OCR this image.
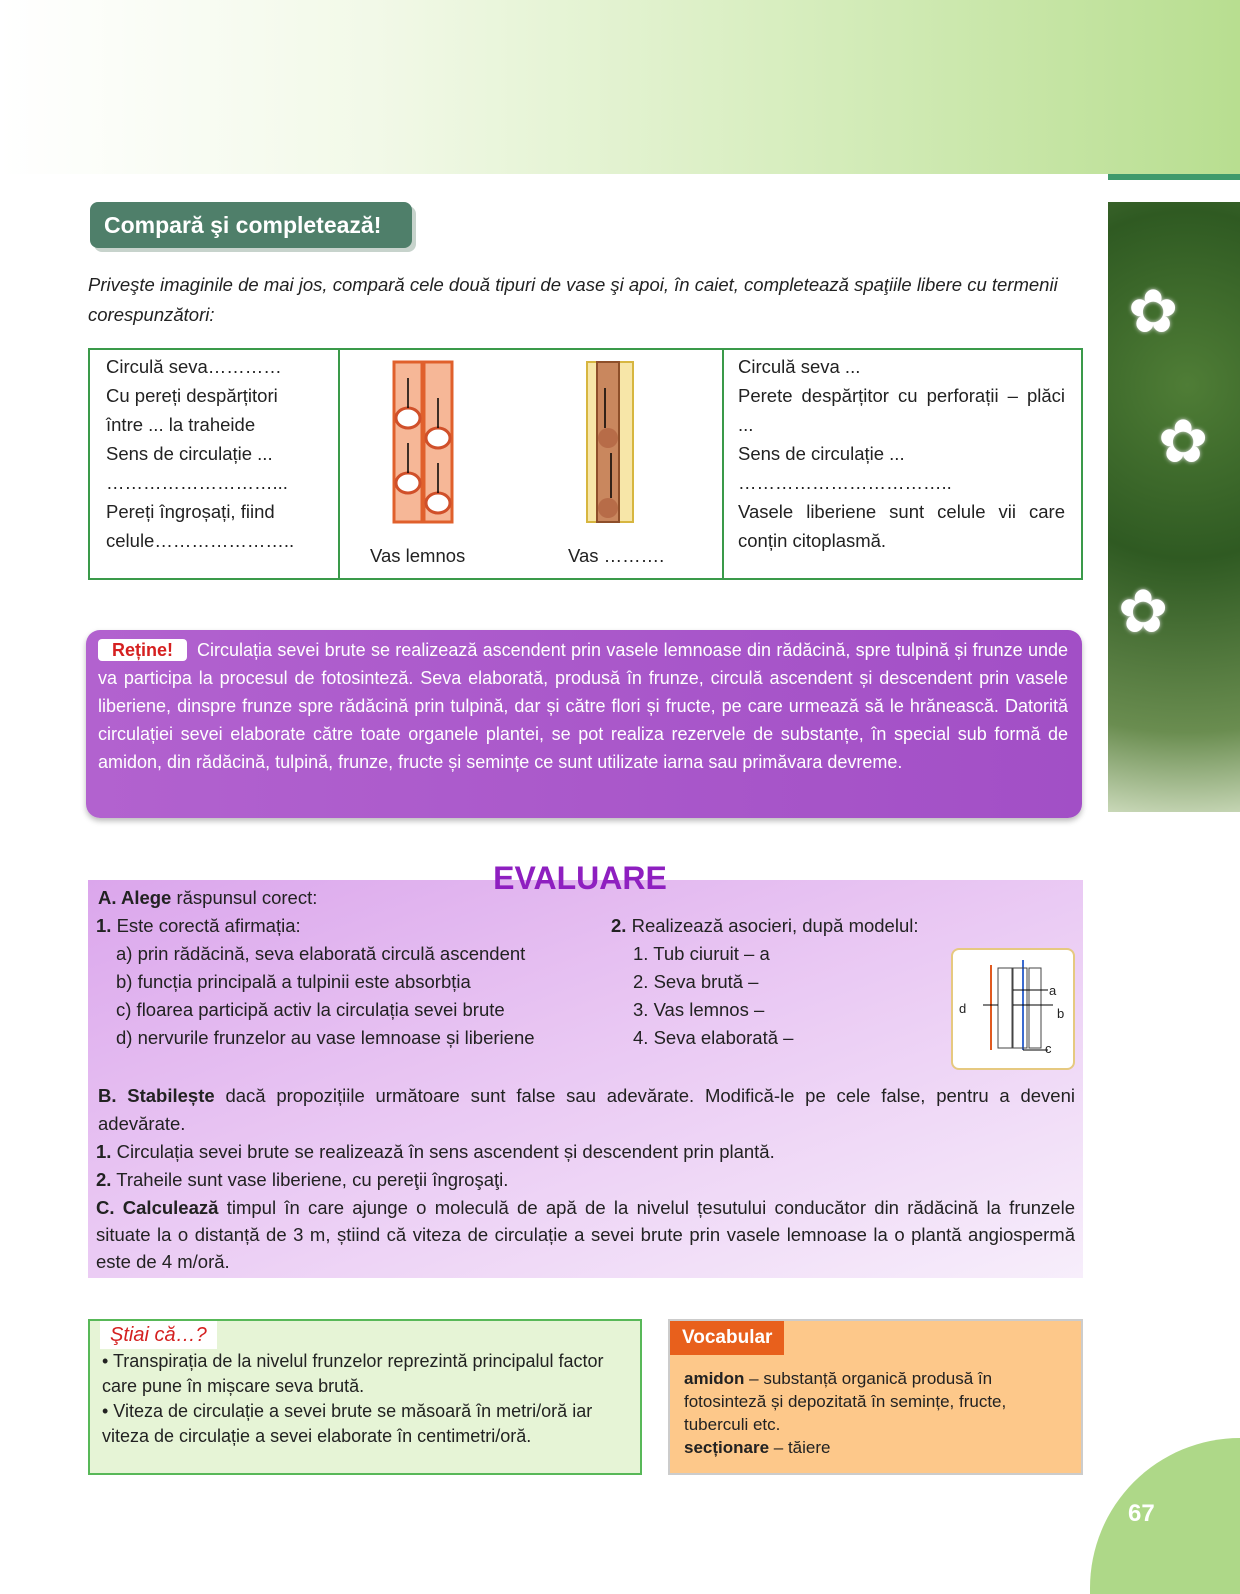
✿
✿
✿
Compară şi completează!
Priveşte imaginile de mai jos, compară cele două tipuri de vase şi apoi, în caiet, completează spaţiile libere cu termenii corespunzători:
Circulă seva…………
Cu pereți despărțitori
între ... la traheide
Sens de circulație ...
………………………...
Pereți îngroșați, fiind
celule…………………..
Vas lemnos	Vas ……….
Circulă seva ...
Perete despărțitor cu perforații – plăci ...
Sens de circulație ...
……………………………..
Vasele liberiene sunt celule vii care conțin citoplasmă.
Reține! Circulația sevei brute se realizează ascendent prin vasele lemnoase din rădăcină, spre tulpină și frunze unde va participa la procesul de fotosinteză. Seva elaborată, produsă în frunze, circulă ascendent și descendent prin vasele liberiene, dinspre frunze spre rădăcină prin tulpină, dar și către flori și fructe, pe care urmează să le hrănească. Datorită circulației sevei elaborate către toate organele plantei, se pot realiza rezervele de substanțe, în special sub formă de amidon, din rădăcină, tulpină, frunze, fructe și semințe ce sunt utilizate iarna sau primăvara devreme.
EVALUARE

A. Alege răspunsul corect:

1. Este corectă afirmația:

a) prin rădăcină, seva elaborată circulă ascendent

b) funcția principală a tulpinii este absorbția

c) floarea participă activ la circulația sevei brute

d) nervurile frunzelor au vase lemnoase și liberiene

2. Realizează asocieri, după modelul:

1. Tub ciuruit – a

2. Seva brută –

3. Vas lemnos –

4. Seva elaborată –

a
b
c
d

B. Stabilește dacă propozițiile următoare sunt false sau adevărate. Modifică-le pe cele false, pentru a deveni adevărate.

1. Circulația sevei brute se realizează în sens ascendent și descendent prin plantă.

2. Traheile sunt vase liberiene, cu pereţii îngroşaţi.

C. Calculează timpul în care ajunge o moleculă de apă de la nivelul țesutului conducător din rădăcină la frunzele situate la o distanță de 3 m, știind că viteza de circulație a sevei brute prin vasele lemnoase la o plantă angiospermă este de 4 m/oră.

Ştiai că…?
• Transpirația de la nivelul frunzelor reprezintă principalul factor care pune în mișcare seva brută.
• Viteza de circulație a sevei brute se măsoară în metri/oră iar viteza de circulație a sevei elaborate în centimetri/oră.
Vocabular
amidon – substanță organică produsă în fotosinteză și depozitată în semințe, fructe, tuberculi etc.
secționare – tăiere
67
